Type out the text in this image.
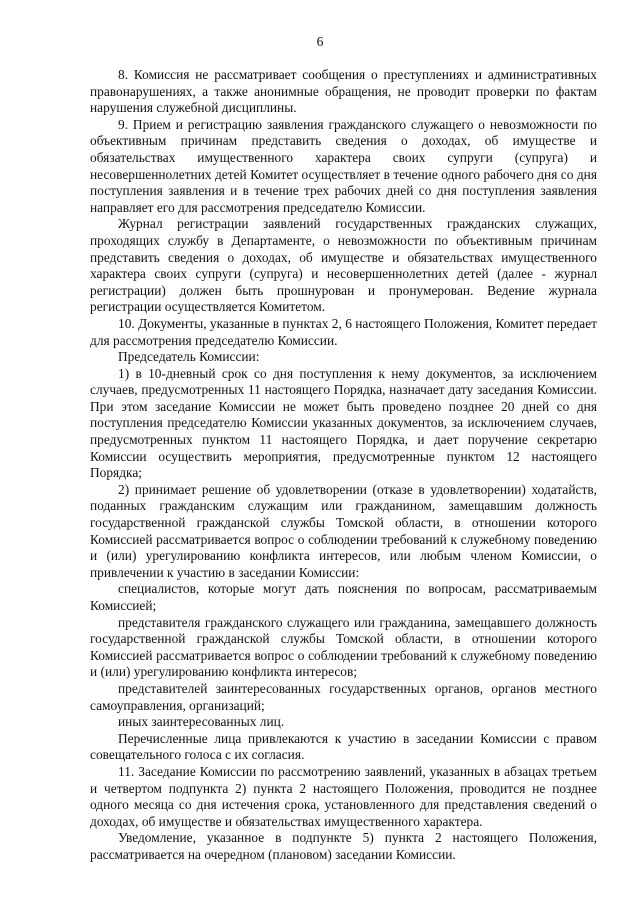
6

8. Комиссия не рассматривает сообщения о преступлениях и административных правонарушениях, а также анонимные обращения, не проводит проверки по фактам нарушения служебной дисциплины.

9. Прием и регистрацию заявления гражданского служащего о невозможности по объективным причинам представить сведения о доходах, об имуществе и обязательствах имущественного характера своих супруги (супруга) и несовершеннолетних детей Комитет осуществляет в течение одного рабочего дня со дня поступления заявления и в течение трех рабочих дней со дня поступления заявления направляет его для рассмотрения председателю Комиссии.

Журнал регистрации заявлений государственных гражданских служащих, проходящих службу в Департаменте, о невозможности по объективным причинам представить сведения о доходах, об имуществе и обязательствах имущественного характера своих супруги (супруга) и несовершеннолетних детей (далее - журнал регистрации) должен быть прошнурован и пронумерован. Ведение журнала регистрации осуществляется Комитетом.

10. Документы, указанные в пунктах 2, 6 настоящего Положения, Комитет передает для рассмотрения председателю Комиссии.

Председатель Комиссии:

1) в 10-дневный срок со дня поступления к нему документов, за исключением случаев, предусмотренных 11 настоящего Порядка, назначает дату заседания Комиссии. При этом заседание Комиссии не может быть проведено позднее 20 дней со дня поступления председателю Комиссии указанных документов, за исключением случаев, предусмотренных пунктом 11 настоящего Порядка, и дает поручение секретарю Комиссии осуществить мероприятия, предусмотренные пунктом 12 настоящего Порядка;

2) принимает решение об удовлетворении (отказе в удовлетворении) ходатайств, поданных гражданским служащим или гражданином, замещавшим должность государственной гражданской службы Томской области, в отношении которого Комиссией рассматривается вопрос о соблюдении требований к служебному поведению и (или) урегулированию конфликта интересов, или любым членом Комиссии, о привлечении к участию в заседании Комиссии:

специалистов, которые могут дать пояснения по вопросам, рассматриваемым Комиссией;

представителя гражданского служащего или гражданина, замещавшего должность государственной гражданской службы Томской области, в отношении которого Комиссией рассматривается вопрос о соблюдении требований к служебному поведению и (или) урегулированию конфликта интересов;

представителей заинтересованных государственных органов, органов местного самоуправления, организаций;

иных заинтересованных лиц.

Перечисленные лица привлекаются к участию в заседании Комиссии с правом совещательного голоса с их согласия.

11. Заседание Комиссии по рассмотрению заявлений, указанных в абзацах третьем и четвертом подпункта 2) пункта 2 настоящего Положения, проводится не позднее одного месяца со дня истечения срока, установленного для представления сведений о доходах, об имуществе и обязательствах имущественного характера.

Уведомление, указанное в подпункте 5) пункта 2 настоящего Положения, рассматривается на очередном (плановом) заседании Комиссии.
